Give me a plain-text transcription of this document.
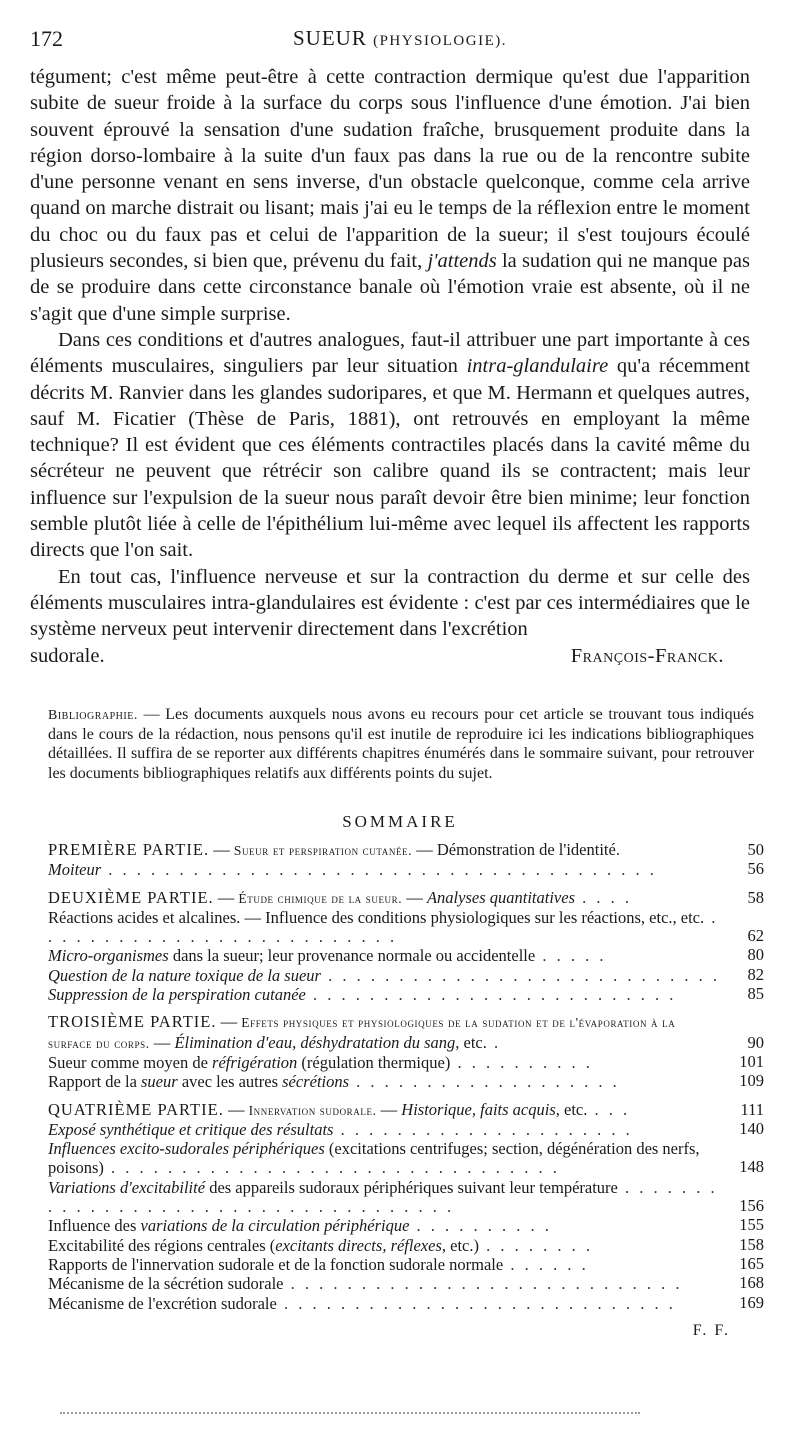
172	SUEUR (PHYSIOLOGIE).

tégument; c'est même peut-être à cette contraction dermique qu'est due l'apparition subite de sueur froide à la surface du corps sous l'influence d'une émotion. J'ai bien souvent éprouvé la sensation d'une sudation fraîche, brusquement produite dans la région dorso-lombaire à la suite d'un faux pas dans la rue ou de la rencontre subite d'une personne venant en sens inverse, d'un obstacle quelconque, comme cela arrive quand on marche distrait ou lisant; mais j'ai eu le temps de la réflexion entre le moment du choc ou du faux pas et celui de l'apparition de la sueur; il s'est toujours écoulé plusieurs secondes, si bien que, prévenu du fait, j'attends la sudation qui ne manque pas de se produire dans cette circonstance banale où l'émotion vraie est absente, où il ne s'agit que d'une simple surprise.

Dans ces conditions et d'autres analogues, faut-il attribuer une part importante à ces éléments musculaires, singuliers par leur situation intra-glandulaire qu'a récemment décrits M. Ranvier dans les glandes sudoripares, et que M. Hermann et quelques autres, sauf M. Ficatier (Thèse de Paris, 1881), ont retrouvés en employant la même technique? Il est évident que ces éléments contractiles placés dans la cavité même du sécréteur ne peuvent que rétrécir son calibre quand ils se contractent; mais leur influence sur l'expulsion de la sueur nous paraît devoir être bien minime; leur fonction semble plutôt liée à celle de l'épithélium lui-même avec lequel ils affectent les rapports directs que l'on sait.

En tout cas, l'influence nerveuse et sur la contraction du derme et sur celle des éléments musculaires intra-glandulaires est évidente : c'est par ces intermédiaires que le système nerveux peut intervenir directement dans l'excrétion

sudorale.	François-Franck.
Bibliographie. — Les documents auxquels nous avons eu recours pour cet article se trouvant tous indiqués dans le cours de la rédaction, nous pensons qu'il est inutile de reproduire ici les indications bibliographiques détaillées. Il suffira de se reporter aux différents chapitres énumérés dans le sommaire suivant, pour retrouver les documents bibliographiques relatifs aux différents points du sujet.
SOMMAIRE
PREMIÈRE PARTIE. — Sueur et perspiration cutanée. — Démonstration de l'identité.	50
Moiteur . . . . . . . . . . . . . . . . . . . . . . . . . . . . . . . . . . . . . . .	56
DEUXIÈME PARTIE. — Étude chimique de la sueur. — Analyses quantitatives . . . .	58
Réactions acides et alcalines. — Influence des conditions physiologiques sur les réactions, etc., etc. . . . . . . . . . . . . . . . . . . . . . . . . . .	62
Micro-organismes dans la sueur; leur provenance normale ou accidentelle . . . . .	80
Question de la nature toxique de la sueur . . . . . . . . . . . . . . . . . . . . . . . . . . . .	82
Suppression de la perspiration cutanée . . . . . . . . . . . . . . . . . . . . . . . . . .	85
TROISIÈME PARTIE. — Effets physiques et physiologiques de la sudation et de l'évaporation à la surface du corps. — Élimination d'eau, déshydratation du sang, etc. .	90
Sueur comme moyen de réfrigération (régulation thermique) . . . . . . . . . .	101
Rapport de la sueur avec les autres sécrétions . . . . . . . . . . . . . . . . . . .	109
QUATRIÈME PARTIE. — Innervation sudorale. — Historique, faits acquis, etc. . . .	111
Exposé synthétique et critique des résultats . . . . . . . . . . . . . . . . . . . . .	140
Influences excito-sudorales périphériques (excitations centrifuges; section, dégénération des nerfs, poisons) . . . . . . . . . . . . . . . . . . . . . . . . . . . . . . . .	148
Variations d'excitabilité des appareils sudoraux périphériques suivant leur température . . . . . . . . . . . . . . . . . . . . . . . . . . . . . . . . . . . .	156
Influence des variations de la circulation périphérique . . . . . . . . . .	155
Excitabilité des régions centrales (excitants directs, réflexes, etc.) . . . . . . . .	158
Rapports de l'innervation sudorale et de la fonction sudorale normale . . . . . .	165
Mécanisme de la sécrétion sudorale . . . . . . . . . . . . . . . . . . . . . . . . . . . .	168
Mécanisme de l'excrétion sudorale . . . . . . . . . . . . . . . . . . . . . . . . . . . .	169
F. F.
